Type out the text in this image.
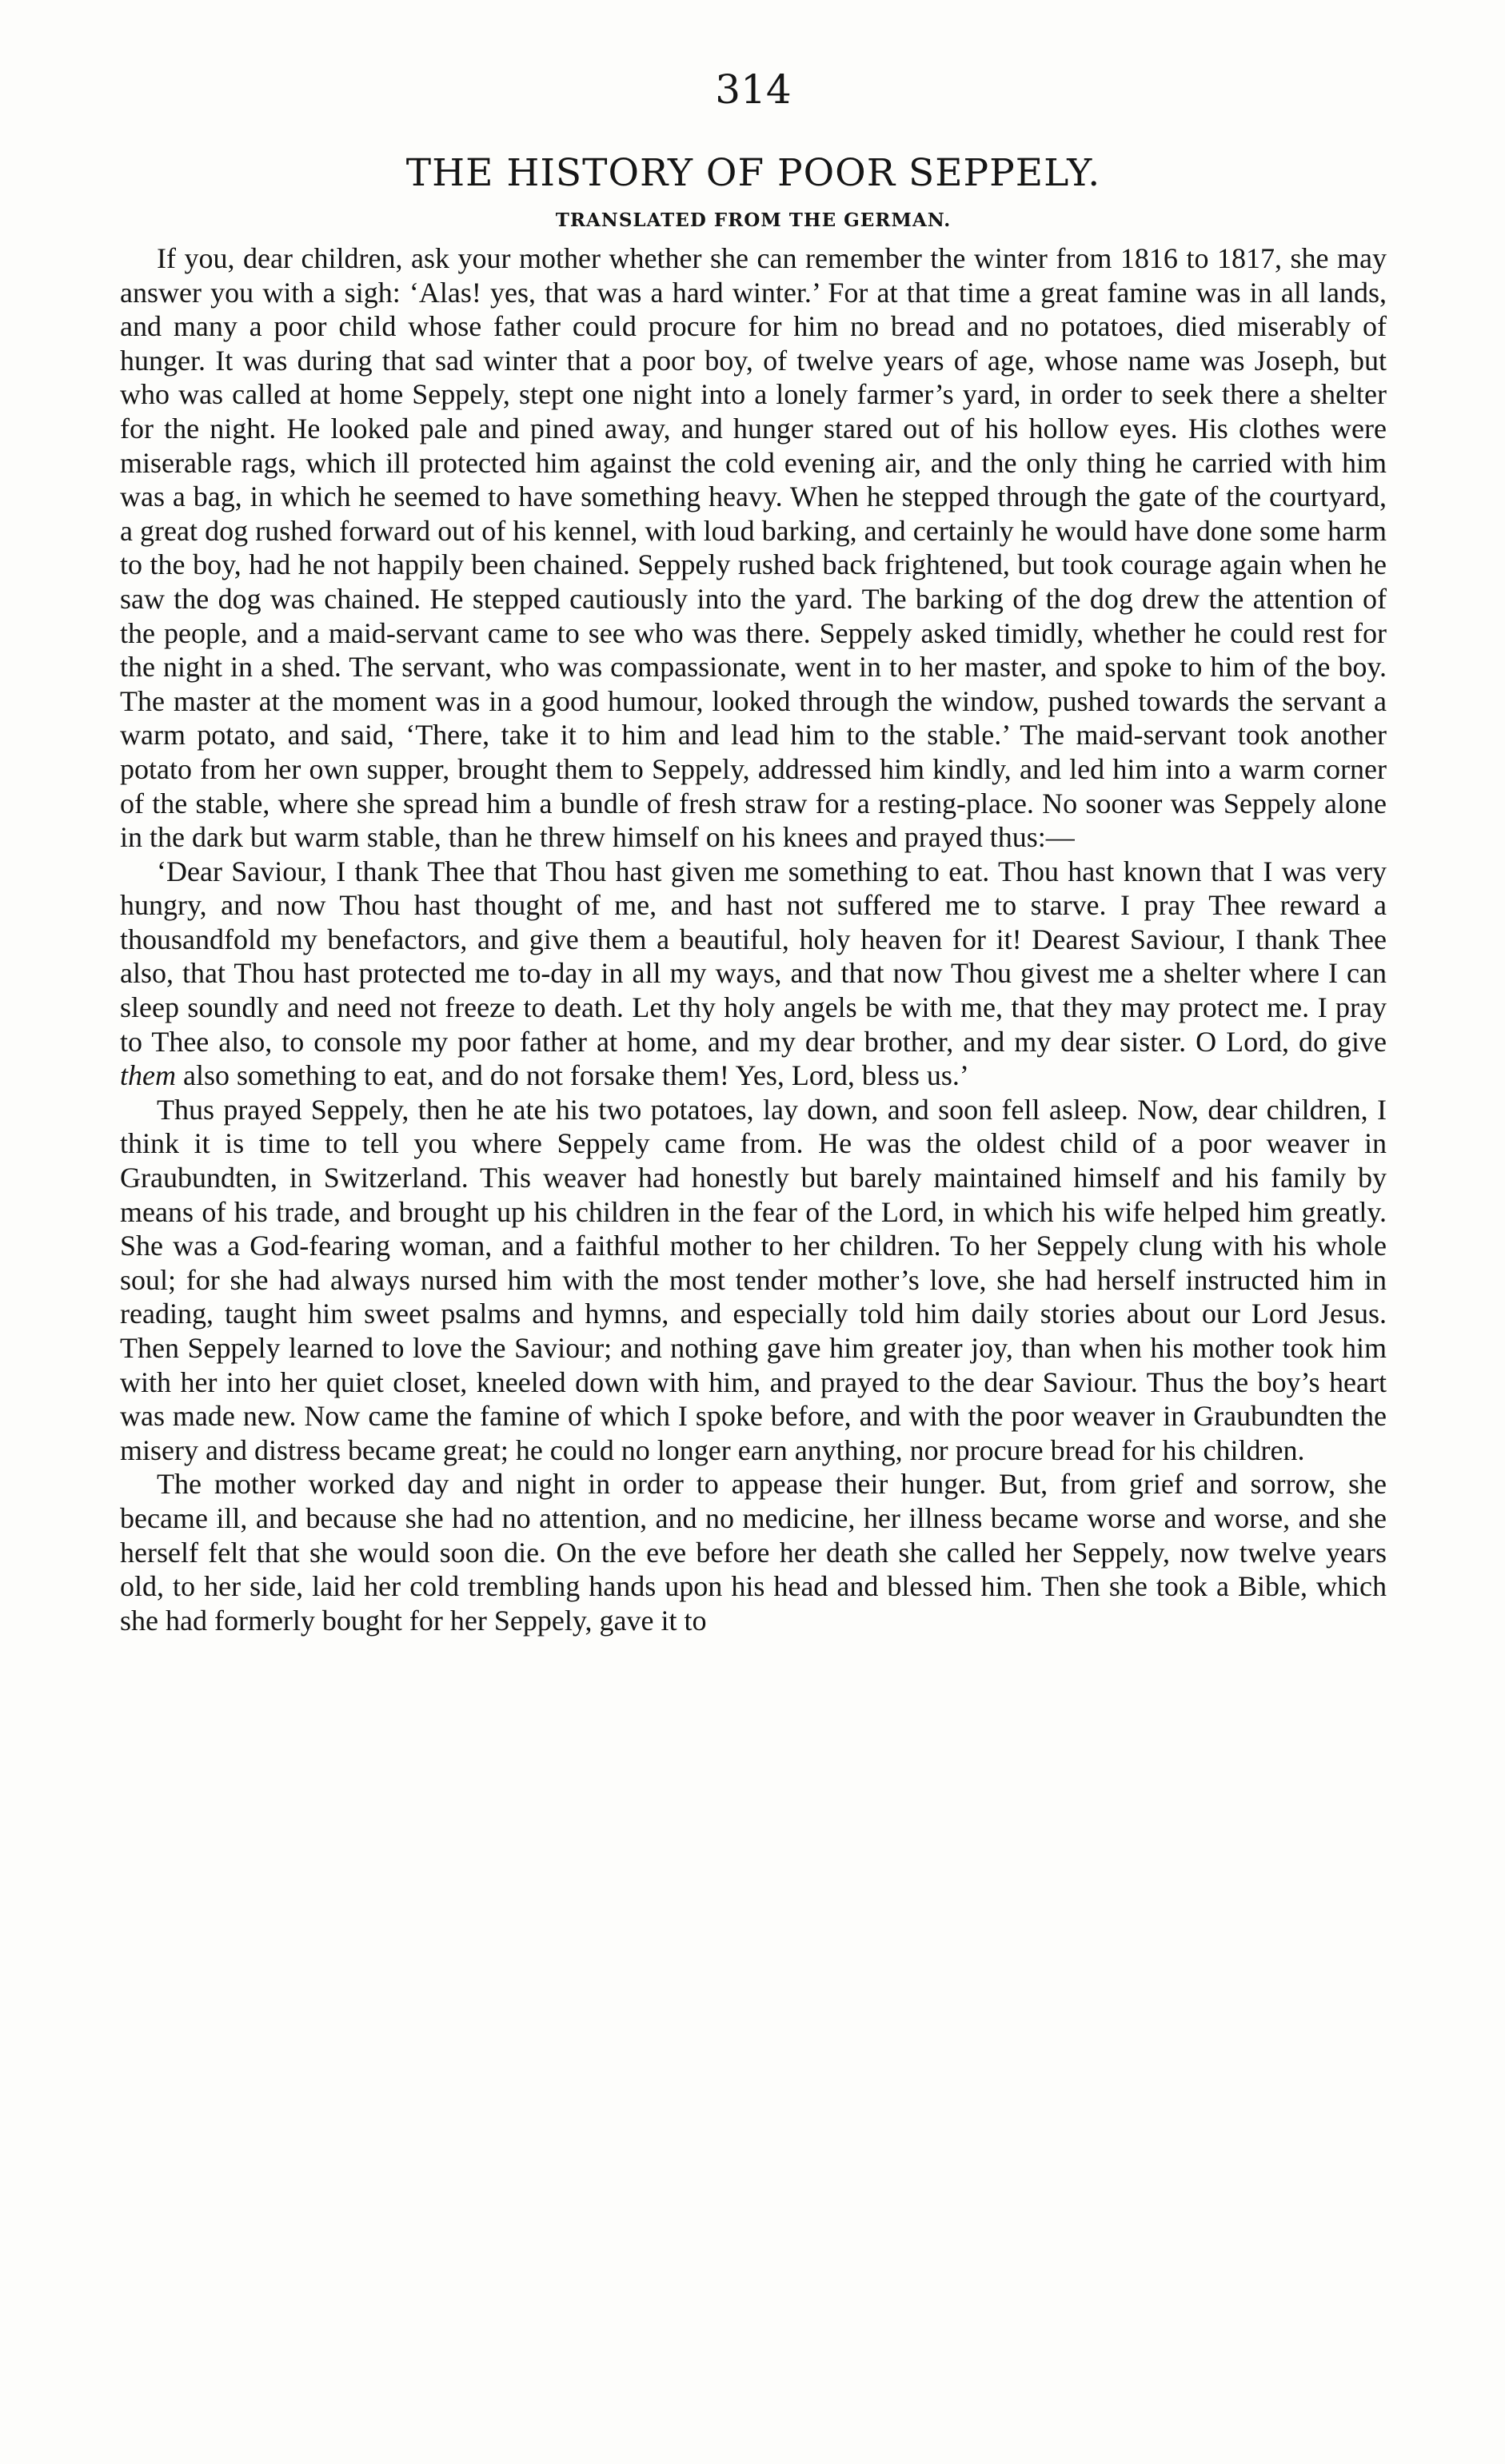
314
THE HISTORY OF POOR SEPPELY.
TRANSLATED FROM THE GERMAN.

If you, dear children, ask your mother whether she can remember the winter from 1816 to 1817, she may answer you with a sigh: ‘Alas! yes, that was a hard winter.’ For at that time a great famine was in all lands, and many a poor child whose father could procure for him no bread and no potatoes, died miserably of hunger. It was during that sad winter that a poor boy, of twelve years of age, whose name was Joseph, but who was called at home Seppely, stept one night into a lonely farmer’s yard, in order to seek there a shelter for the night. He looked pale and pined away, and hunger stared out of his hollow eyes. His clothes were miserable rags, which ill protected him against the cold evening air, and the only thing he carried with him was a bag, in which he seemed to have something heavy. When he stepped through the gate of the courtyard, a great dog rushed forward out of his kennel, with loud barking, and certainly he would have done some harm to the boy, had he not happily been chained. Seppely rushed back frightened, but took courage again when he saw the dog was chained. He stepped cautiously into the yard. The barking of the dog drew the attention of the people, and a maid-servant came to see who was there. Seppely asked timidly, whether he could rest for the night in a shed. The servant, who was compassionate, went in to her master, and spoke to him of the boy. The master at the moment was in a good humour, looked through the window, pushed towards the servant a warm potato, and said, ‘There, take it to him and lead him to the stable.’ The maid-servant took another potato from her own supper, brought them to Seppely, addressed him kindly, and led him into a warm corner of the stable, where she spread him a bundle of fresh straw for a resting-place. No sooner was Seppely alone in the dark but warm stable, than he threw himself on his knees and prayed thus:—

‘Dear Saviour, I thank Thee that Thou hast given me something to eat. Thou hast known that I was very hungry, and now Thou hast thought of me, and hast not suffered me to starve. I pray Thee reward a thousandfold my benefactors, and give them a beautiful, holy heaven for it! Dearest Saviour, I thank Thee also, that Thou hast protected me to-day in all my ways, and that now Thou givest me a shelter where I can sleep soundly and need not freeze to death. Let thy holy angels be with me, that they may protect me. I pray to Thee also, to console my poor father at home, and my dear brother, and my dear sister. O Lord, do give them also something to eat, and do not forsake them! Yes, Lord, bless us.’

Thus prayed Seppely, then he ate his two potatoes, lay down, and soon fell asleep. Now, dear children, I think it is time to tell you where Seppely came from. He was the oldest child of a poor weaver in Graubundten, in Switzerland. This weaver had honestly but barely maintained himself and his family by means of his trade, and brought up his children in the fear of the Lord, in which his wife helped him greatly. She was a God-fearing woman, and a faithful mother to her children. To her Seppely clung with his whole soul; for she had always nursed him with the most tender mother’s love, she had herself instructed him in reading, taught him sweet psalms and hymns, and especially told him daily stories about our Lord Jesus. Then Seppely learned to love the Saviour; and nothing gave him greater joy, than when his mother took him with her into her quiet closet, kneeled down with him, and prayed to the dear Saviour. Thus the boy’s heart was made new. Now came the famine of which I spoke before, and with the poor weaver in Graubundten the misery and distress became great; he could no longer earn anything, nor procure bread for his children.

The mother worked day and night in order to appease their hunger. But, from grief and sorrow, she became ill, and because she had no attention, and no medicine, her illness became worse and worse, and she herself felt that she would soon die. On the eve before her death she called her Seppely, now twelve years old, to her side, laid her cold trembling hands upon his head and blessed him. Then she took a Bible, which she had formerly bought for her Seppely, gave it to
